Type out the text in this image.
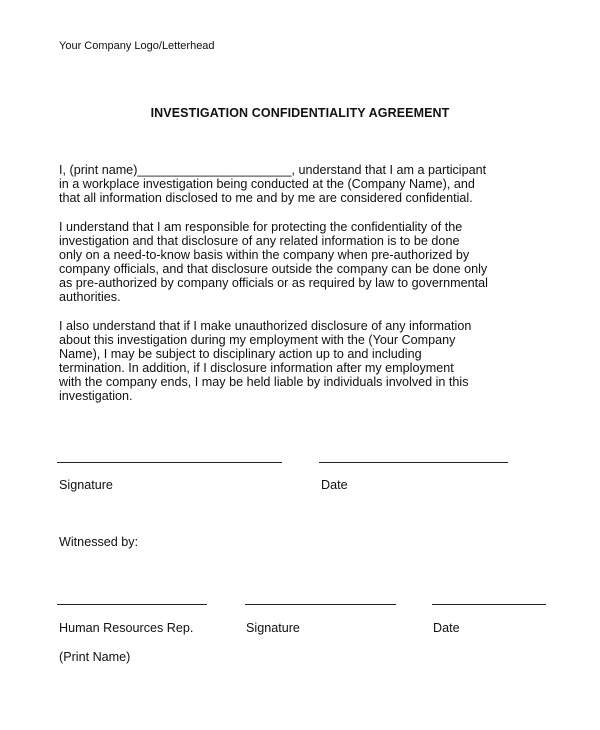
Your Company Logo/Letterhead
INVESTIGATION CONFIDENTIALITY AGREEMENT
I, (print name)______________________, understand that I am a participant
in a workplace investigation being conducted at the (Company Name), and
that all information disclosed to me and by me are considered confidential.
I understand that I am responsible for protecting the confidentiality of the
investigation and that disclosure of any related information is to be done
only on a need-to-know basis within the company when pre-authorized by
company officials, and that disclosure outside the company can be done only
as pre-authorized by company officials or as required by law to governmental
authorities.
I also understand that if I make unauthorized disclosure of any information
about this investigation during my employment with the (Your Company
Name), I may be subject to disciplinary action up to and including
termination. In addition, if I disclosure information after my employment
with the company ends, I may be held liable by individuals involved in this
investigation.
Signature	Date
Witnessed by:
Human Resources Rep.	Signature	Date
(Print Name)
